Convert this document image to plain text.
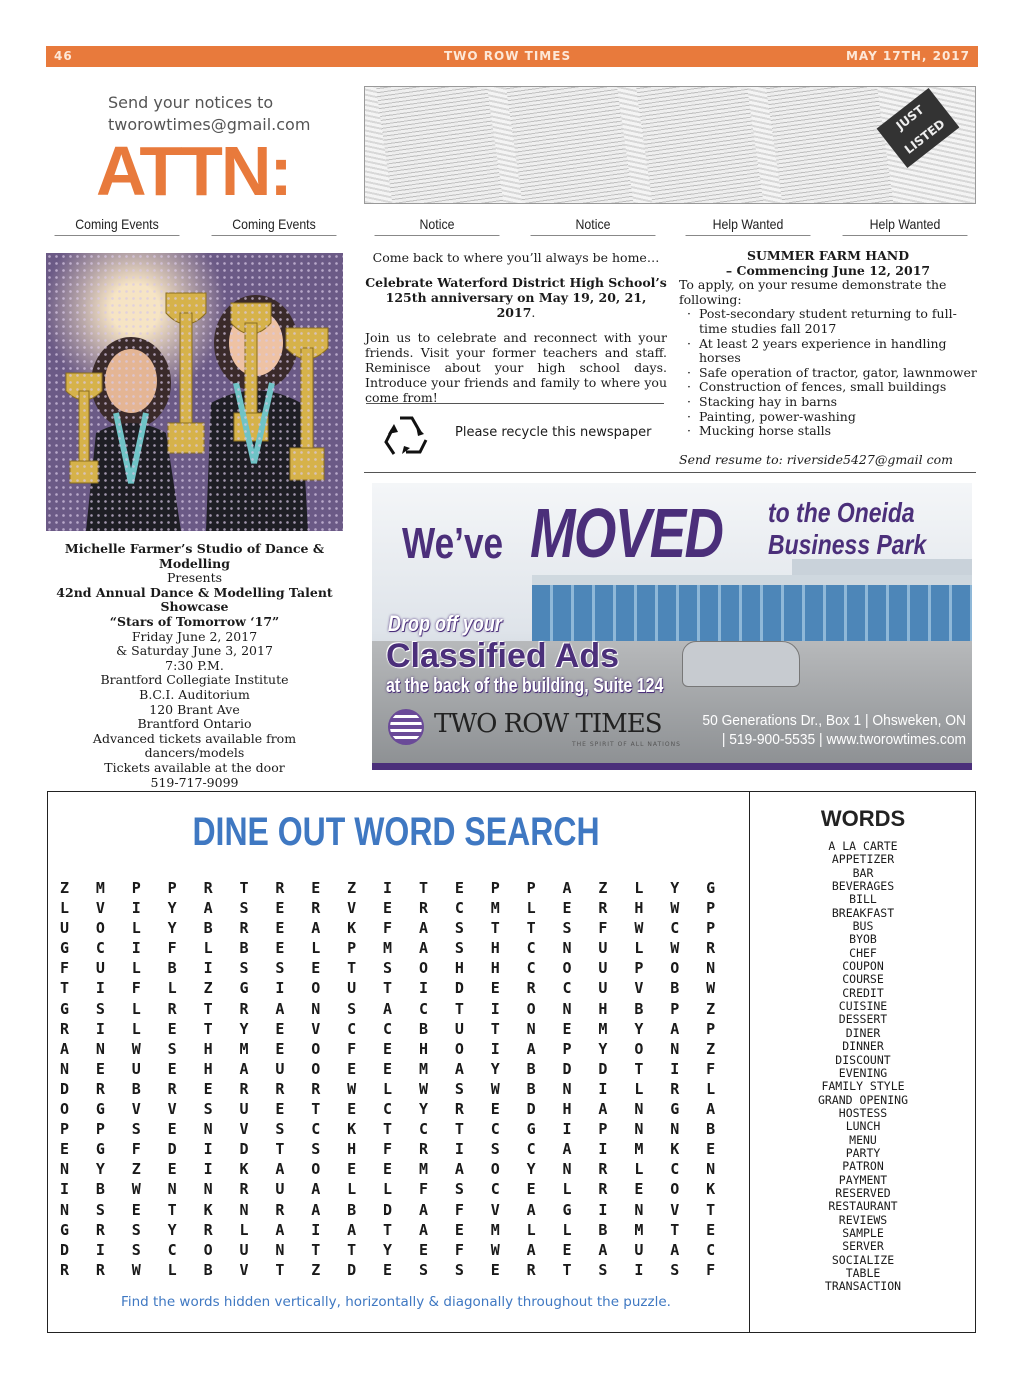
46	TWO ROW TIMES	MAY 17TH, 2017
Send your notices to
tworowtimes@gmail.com
ATTN:
JUST LISTED
Coming Events	Coming Events	Notice	Notice	Help Wanted	Help Wanted
Michelle Farmer’s Studio of Dance & Modelling
Presents
42nd Annual Dance & Modelling Talent
Showcase
“Stars of Tomorrow ‘17”
Friday June 2, 2017
& Saturday June 3, 2017
7:30 P.M.
Brantford Collegiate Institute
B.C.I. Auditorium
120 Brant Ave
Brantford Ontario
Advanced tickets available from dancers/models
Tickets available at the door
519-717-9099

Come back to where you’ll always be home…

Celebrate Waterford District High School’s 125th anniversary on May 19, 20, 21, 2017.

Join us to celebrate and reconnect with your friends. Visit your former teachers and staff. Reminisce about your high school days. Introduce your friends and family to where you come from!

Please recycle this newspaper
SUMMER FARM HAND
– Commencing June 12, 2017
To apply, on your resume demonstrate the following:
· Post-secondary student returning to full-time studies fall 2017
· At least 2 years experience in handling horses
· Safe operation of tractor, gator, lawnmower
· Construction of fences, small buildings
· Stacking hay in barns
· Painting, power-washing
· Mucking horse stalls
Send resume to: riverside5427@gmail com
We’ve MOVED to the Oneida
Business Park
Drop off your
Classified Ads
at the back of the building, Suite 124
TWO ROW TIMES
THE SPIRIT OF ALL NATIONS
50 Generations Dr., Box 1 | Ohsweken, ON
| 519-900-5535 | www.tworowtimes.com
DINE OUT WORD SEARCH
Z	M	P	P	R	T	R	E	Z	I	T	E	P	P	A	Z	L	Y	G
L	V	I	Y	A	S	E	R	V	E	R	C	M	L	E	R	H	W	P
U	O	L	Y	B	R	E	A	K	F	A	S	T	T	S	F	W	C	P
G	C	I	F	L	B	E	L	P	M	A	S	H	C	N	U	L	W	R
F	U	L	B	I	S	S	E	T	S	O	H	H	C	O	U	P	O	N
T	I	F	L	Z	G	I	O	U	T	I	D	E	R	C	U	V	B	W
G	S	L	R	T	R	A	N	S	A	C	T	I	O	N	H	B	P	Z
R	I	L	E	T	Y	E	V	C	C	B	U	T	N	E	M	Y	A	P
A	N	W	S	H	M	E	O	F	E	H	O	I	A	P	Y	O	N	Z
N	E	U	E	H	A	U	O	E	E	M	A	Y	B	D	D	T	I	F
D	R	B	R	E	R	R	R	W	L	W	S	W	B	N	I	L	R	L
O	G	V	V	S	U	E	T	E	C	Y	R	E	D	H	A	N	G	A
P	P	S	E	N	V	S	C	K	T	C	T	C	G	I	P	N	N	B
E	G	F	D	I	D	T	S	H	F	R	I	S	C	A	I	M	K	E
N	Y	Z	E	I	K	A	O	E	E	M	A	O	Y	N	R	L	C	N
I	B	W	N	N	R	U	A	L	L	F	S	C	E	L	R	E	O	K
N	S	E	T	K	N	R	A	B	D	A	F	V	A	G	I	N	V	T
G	R	S	Y	R	L	A	I	A	T	A	E	M	L	L	B	M	T	E
D	I	S	C	O	U	N	T	T	Y	E	F	W	A	E	A	U	A	C
R	R	W	L	B	V	T	Z	D	E	S	S	E	R	T	S	I	S	F
Find the words hidden vertically, horizontally & diagonally throughout the puzzle.
WORDS
A LA CARTE
APPETIZER
BAR
BEVERAGES
BILL
BREAKFAST
BUS
BYOB
CHEF
COUPON
COURSE
CREDIT
CUISINE
DESSERT
DINER
DINNER
DISCOUNT
EVENING
FAMILY STYLE
GRAND OPENING
HOSTESS
LUNCH
MENU
PARTY
PATRON
PAYMENT
RESERVED
RESTAURANT
REVIEWS
SAMPLE
SERVER
SOCIALIZE
TABLE
TRANSACTION
